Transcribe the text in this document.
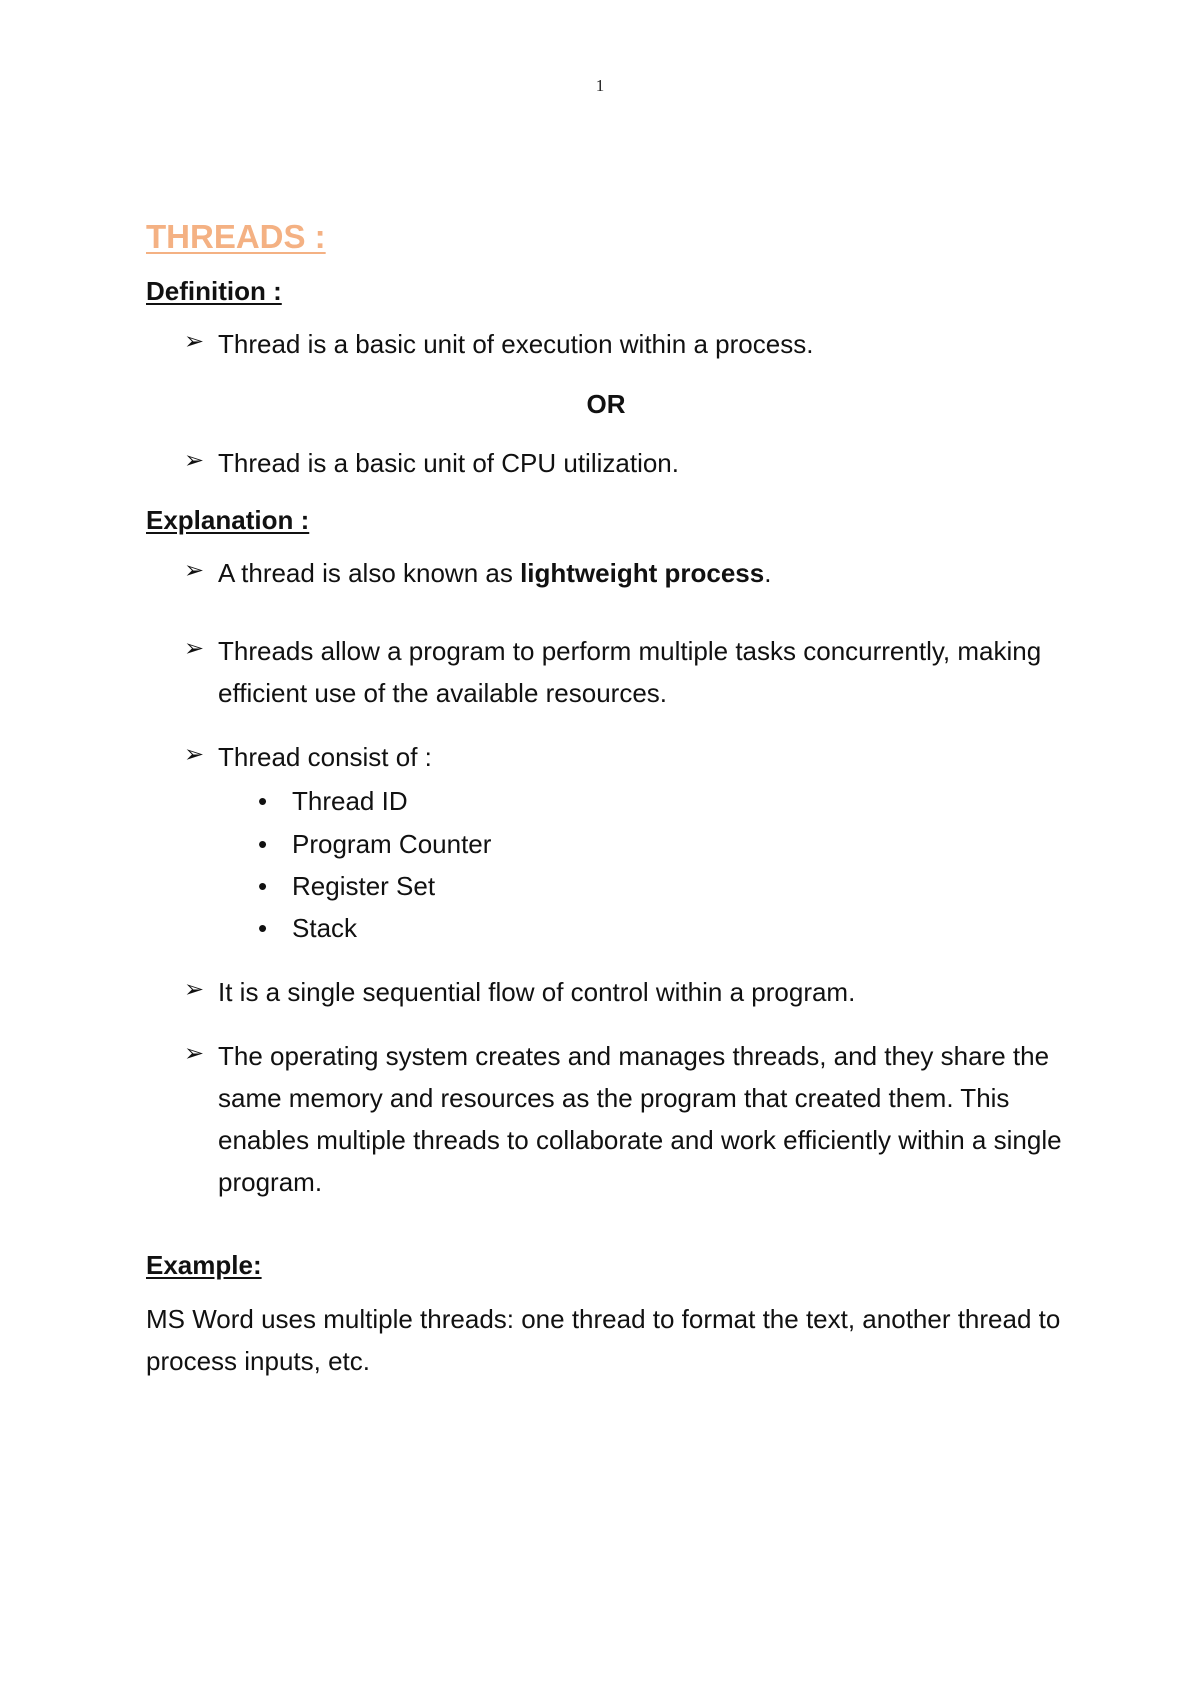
1
THREADS :
Definition :
➢ Thread is a basic unit of execution within a process.
OR
➢ Thread is a basic unit of CPU utilization.
Explanation :
➢ A thread is also known as lightweight process.
➢ Threads allow a program to perform multiple tasks concurrently, making efficient use of the available resources.
➢ Thread consist of :
• Thread ID
• Program Counter
• Register Set
• Stack
➢ It is a single sequential flow of control within a program.
➢ The operating system creates and manages threads, and they share the same memory and resources as the program that created them. This enables multiple threads to collaborate and work efficiently within a single program.
Example:

MS Word uses multiple threads: one thread to format the text, another thread to process inputs, etc.
